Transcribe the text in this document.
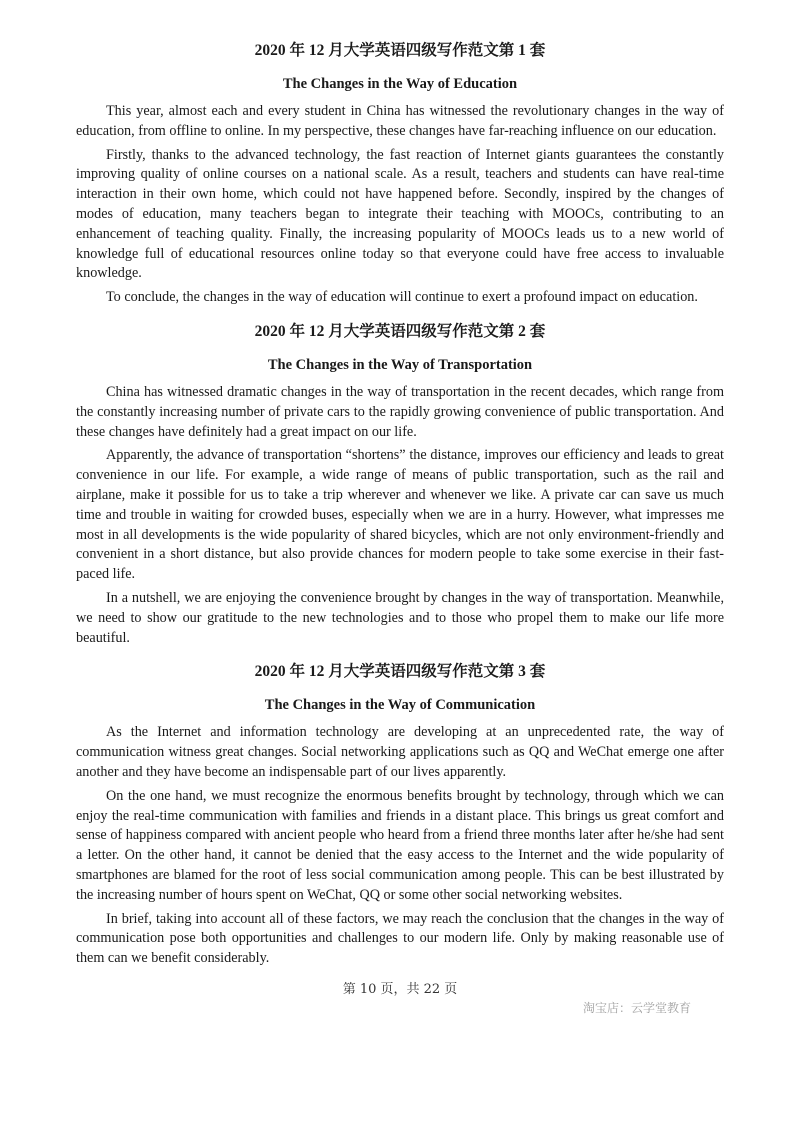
2020 年 12 月大学英语四级写作范文第 1 套

The Changes in the Way of Education

This year, almost each and every student in China has witnessed the revolutionary changes in the way of education, from offline to online. In my perspective, these changes have far-reaching influence on our education.

Firstly, thanks to the advanced technology, the fast reaction of Internet giants guarantees the constantly improving quality of online courses on a national scale. As a result, teachers and students can have real-time interaction in their own home, which could not have happened before. Secondly, inspired by the changes of modes of education, many teachers began to integrate their teaching with MOOCs, contributing to an enhancement of teaching quality. Finally, the increasing popularity of MOOCs leads us to a new world of knowledge full of educational resources online today so that everyone could have free access to invaluable knowledge.

To conclude, the changes in the way of education will continue to exert a profound impact on education.

2020 年 12 月大学英语四级写作范文第 2 套

The Changes in the Way of Transportation

China has witnessed dramatic changes in the way of transportation in the recent decades, which range from the constantly increasing number of private cars to the rapidly growing convenience of public transportation. And these changes have definitely had a great impact on our life.

Apparently, the advance of transportation “shortens” the distance, improves our efficiency and leads to great convenience in our life. For example, a wide range of means of public transportation, such as the rail and airplane, make it possible for us to take a trip wherever and whenever we like. A private car can save us much time and trouble in waiting for crowded buses, especially when we are in a hurry. However, what impresses me most in all developments is the wide popularity of shared bicycles, which are not only environment-friendly and convenient in a short distance, but also provide chances for modern people to take some exercise in their fast-paced life.

In a nutshell, we are enjoying the convenience brought by changes in the way of transportation. Meanwhile, we need to show our gratitude to the new technologies and to those who propel them to make our life more beautiful.

2020 年 12 月大学英语四级写作范文第 3 套

The Changes in the Way of Communication

As the Internet and information technology are developing at an unprecedented rate, the way of communication witness great changes. Social networking applications such as QQ and WeChat emerge one after another and they have become an indispensable part of our lives apparently.

On the one hand, we must recognize the enormous benefits brought by technology, through which we can enjoy the real-time communication with families and friends in a distant place. This brings us great comfort and sense of happiness compared with ancient people who heard from a friend three months later after he/she had sent a letter. On the other hand, it cannot be denied that the easy access to the Internet and the wide popularity of smartphones are blamed for the root of less social communication among people. This can be best illustrated by the increasing number of hours spent on WeChat, QQ or some other social networking websites.

In brief, taking into account all of these factors, we may reach the conclusion that the changes in the way of communication pose both opportunities and challenges to our modern life. Only by making reasonable use of them can we benefit considerably.

第 10 页，共 22 页
淘宝店：云学堂教育
